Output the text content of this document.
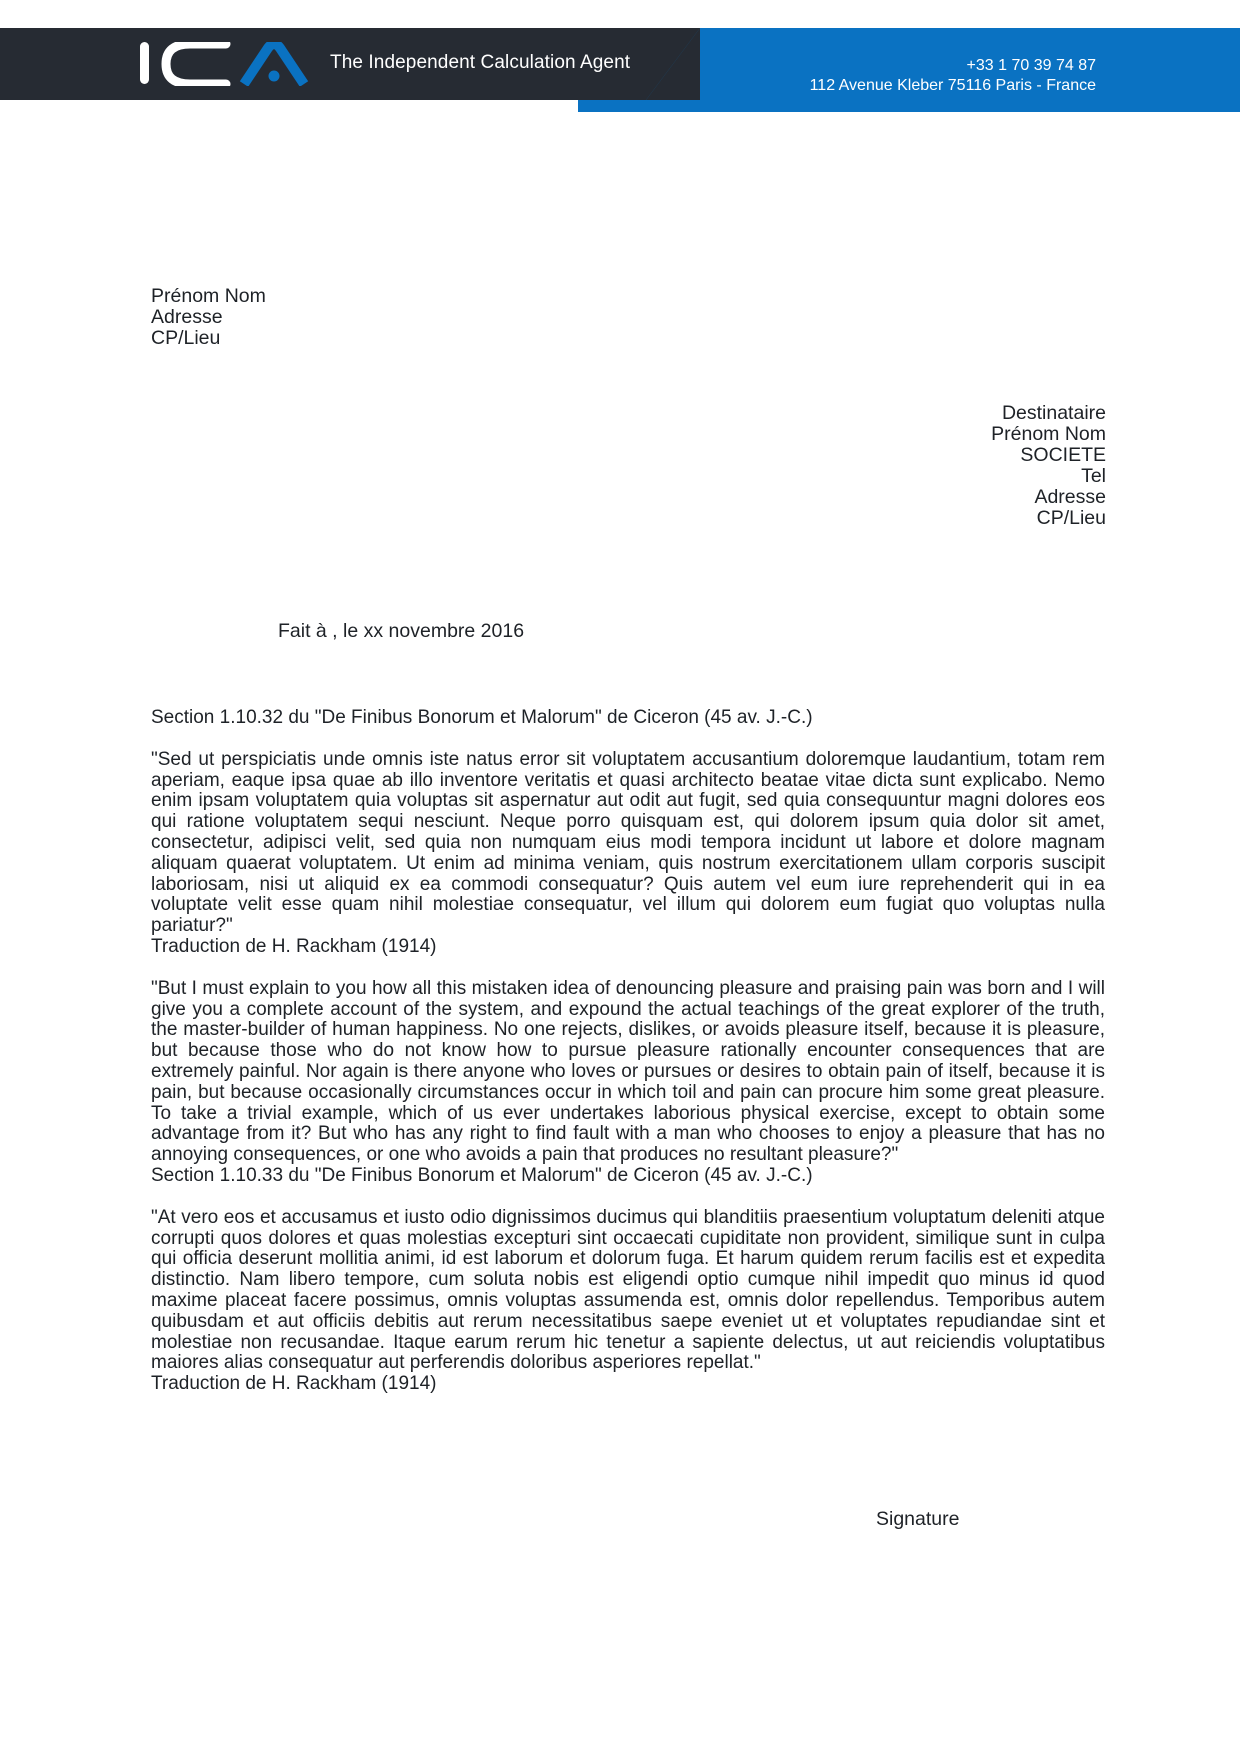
The Independent Calculation Agent	+33 1 70 39 74 87
112 Avenue Kleber 75116 Paris - France
Prénom Nom
Adresse
CP/Lieu
Destinataire
Prénom Nom
SOCIETE
Tel
Adresse
CP/Lieu
Fait à , le xx novembre 2016

Section 1.10.32 du "De Finibus Bonorum et Malorum" de Ciceron (45 av. J.-C.)

"Sed ut perspiciatis unde omnis iste natus error sit voluptatem accusantium doloremque laudantium, totam rem aperiam, eaque ipsa quae ab illo inventore veritatis et quasi architecto beatae vitae dicta sunt explicabo. Nemo enim ipsam voluptatem quia voluptas sit aspernatur aut odit aut fugit, sed quia consequuntur magni dolores eos qui ratione voluptatem sequi nesciunt. Neque porro quisquam est, qui dolorem ipsum quia dolor sit amet, consectetur, adipisci velit, sed quia non numquam eius modi tempora incidunt ut labore et dolore magnam aliquam quaerat voluptatem. Ut enim ad minima veniam, quis nostrum exercitationem ullam corporis suscipit laboriosam, nisi ut aliquid ex ea commodi consequatur? Quis autem vel eum iure reprehenderit qui in ea voluptate velit esse quam nihil molestiae consequatur, vel illum qui dolorem eum fugiat quo voluptas nulla pariatur?"

Traduction de H. Rackham (1914)

"But I must explain to you how all this mistaken idea of denouncing pleasure and praising pain was born and I will give you a complete account of the system, and expound the actual teachings of the great explorer of the truth, the master-builder of human happiness. No one rejects, dislikes, or avoids pleasure itself, because it is pleasure, but because those who do not know how to pursue pleasure rationally encounter consequences that are extremely painful. Nor again is there anyone who loves or pursues or desires to obtain pain of itself, because it is pain, but because occasionally circumstances occur in which toil and pain can procure him some great pleasure. To take a trivial example, which of us ever undertakes laborious physical exercise, except to obtain some advantage from it? But who has any right to find fault with a man who chooses to enjoy a pleasure that has no annoying consequences, or one who avoids a pain that produces no resultant pleasure?"

Section 1.10.33 du "De Finibus Bonorum et Malorum" de Ciceron (45 av. J.-C.)

"At vero eos et accusamus et iusto odio dignissimos ducimus qui blanditiis praesentium voluptatum deleniti atque corrupti quos dolores et quas molestias excepturi sint occaecati cupiditate non provident, similique sunt in culpa qui officia deserunt mollitia animi, id est laborum et dolorum fuga. Et harum quidem rerum facilis est et expedita distinctio. Nam libero tempore, cum soluta nobis est eligendi optio cumque nihil impedit quo minus id quod maxime placeat facere possimus, omnis voluptas assumenda est, omnis dolor repellendus. Temporibus autem quibusdam et aut officiis debitis aut rerum necessitatibus saepe eveniet ut et voluptates repudiandae sint et molestiae non recusandae. Itaque earum rerum hic tenetur a sapiente delectus, ut aut reiciendis voluptatibus maiores alias consequatur aut perferendis doloribus asperiores repellat."

Traduction de H. Rackham (1914)

Signature
